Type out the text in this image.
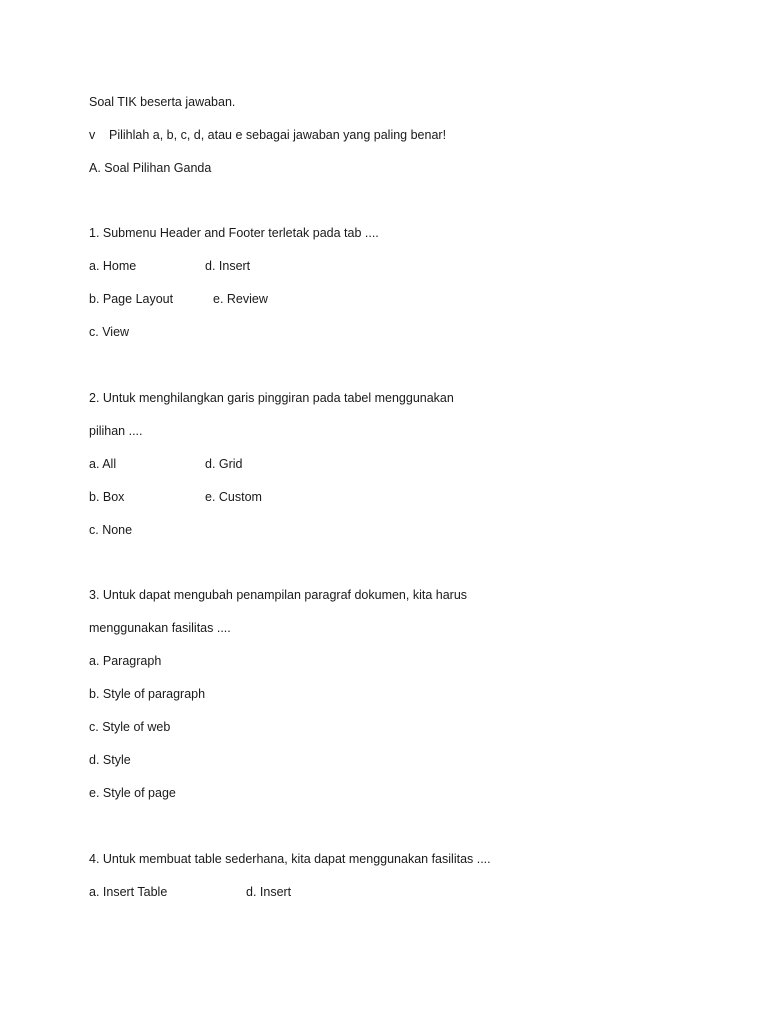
Soal TIK beserta jawaban.
v Pilihlah a, b, c, d, atau e sebagai jawaban yang paling benar!
A. Soal Pilihan Ganda
1. Submenu Header and Footer terletak pada tab ....
a. Home	d. Insert
b. Page Layout	e. Review
c. View
2. Untuk menghilangkan garis pinggiran pada tabel menggunakan
pilihan ....
a. All	d. Grid
b. Box	e. Custom
c. None
3. Untuk dapat mengubah penampilan paragraf dokumen, kita harus
menggunakan fasilitas ....
a. Paragraph
b. Style of paragraph
c. Style of web
d. Style
e. Style of page
4. Untuk membuat table sederhana, kita dapat menggunakan fasilitas ....
a. Insert Table	d. Insert
